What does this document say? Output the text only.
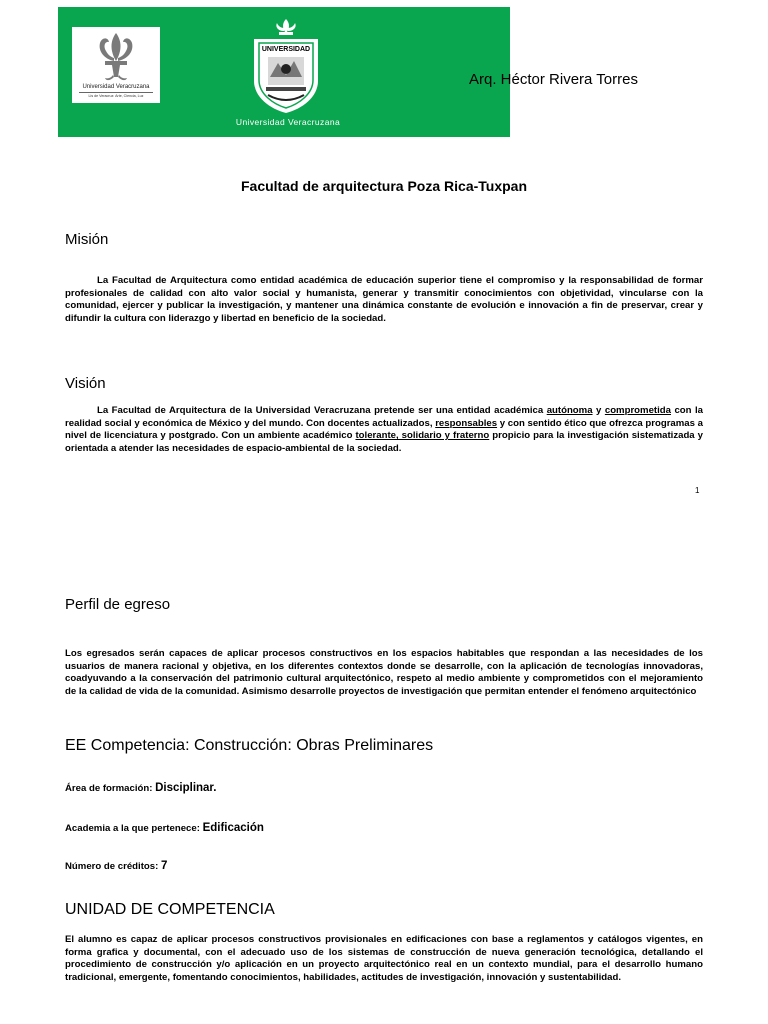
Universidad Veracruzana
Lis de Veracruz: Arte, Ciencia, Luz
UNIVERSIDAD
Universidad Veracruzana
Arq. Héctor Rivera Torres
Facultad de arquitectura Poza Rica-Tuxpan
Misión

La Facultad de Arquitectura como entidad académica de educación superior tiene el compromiso y la responsabilidad de formar profesionales de calidad con alto valor social y humanista, generar y transmitir conocimientos con objetividad, vincularse con la comunidad, ejercer y publicar la investigación, y mantener una dinámica constante de evolución e innovación a fin de preservar, crear y difundir la cultura con liderazgo y libertad en beneficio de la sociedad.

Visión

La Facultad de Arquitectura de la Universidad Veracruzana pretende ser una entidad académica autónoma y comprometida con la realidad social y económica de México y del mundo. Con docentes actualizados, responsables y con sentido ético que ofrezca programas a nivel de licenciatura y postgrado. Con un ambiente académico tolerante, solidario y fraterno propicio para la investigación sistematizada y orientada a atender las necesidades de espacio-ambiental de la sociedad.

1
Perfil de egreso

Los egresados serán capaces de aplicar procesos constructivos en los espacios habitables que respondan a las necesidades de los usuarios de manera racional y objetiva, en los diferentes contextos donde se desarrolle, con la aplicación de tecnologías innovadoras, coadyuvando a la conservación del patrimonio cultural arquitectónico, respeto al medio ambiente y comprometidos con el mejoramiento de la calidad de vida de la comunidad. Asimismo desarrolle proyectos de investigación que permitan entender el fenómeno arquitectónico

EE Competencia: Construcción: Obras Preliminares
Área de formación: Disciplinar.
Academia a la que pertenece: Edificación
Número de créditos: 7
UNIDAD DE COMPETENCIA

El alumno es capaz de aplicar procesos constructivos provisionales en edificaciones con base a reglamentos y catálogos vigentes, en forma grafica y documental, con el adecuado uso de los sistemas de construcción de nueva generación tecnológica, detallando el procedimiento de construcción y/o aplicación en un proyecto arquitectónico real en un contexto mundial, para el desarrollo humano tradicional, emergente, fomentando conocimientos, habilidades, actitudes de investigación, innovación y sustentabilidad.
